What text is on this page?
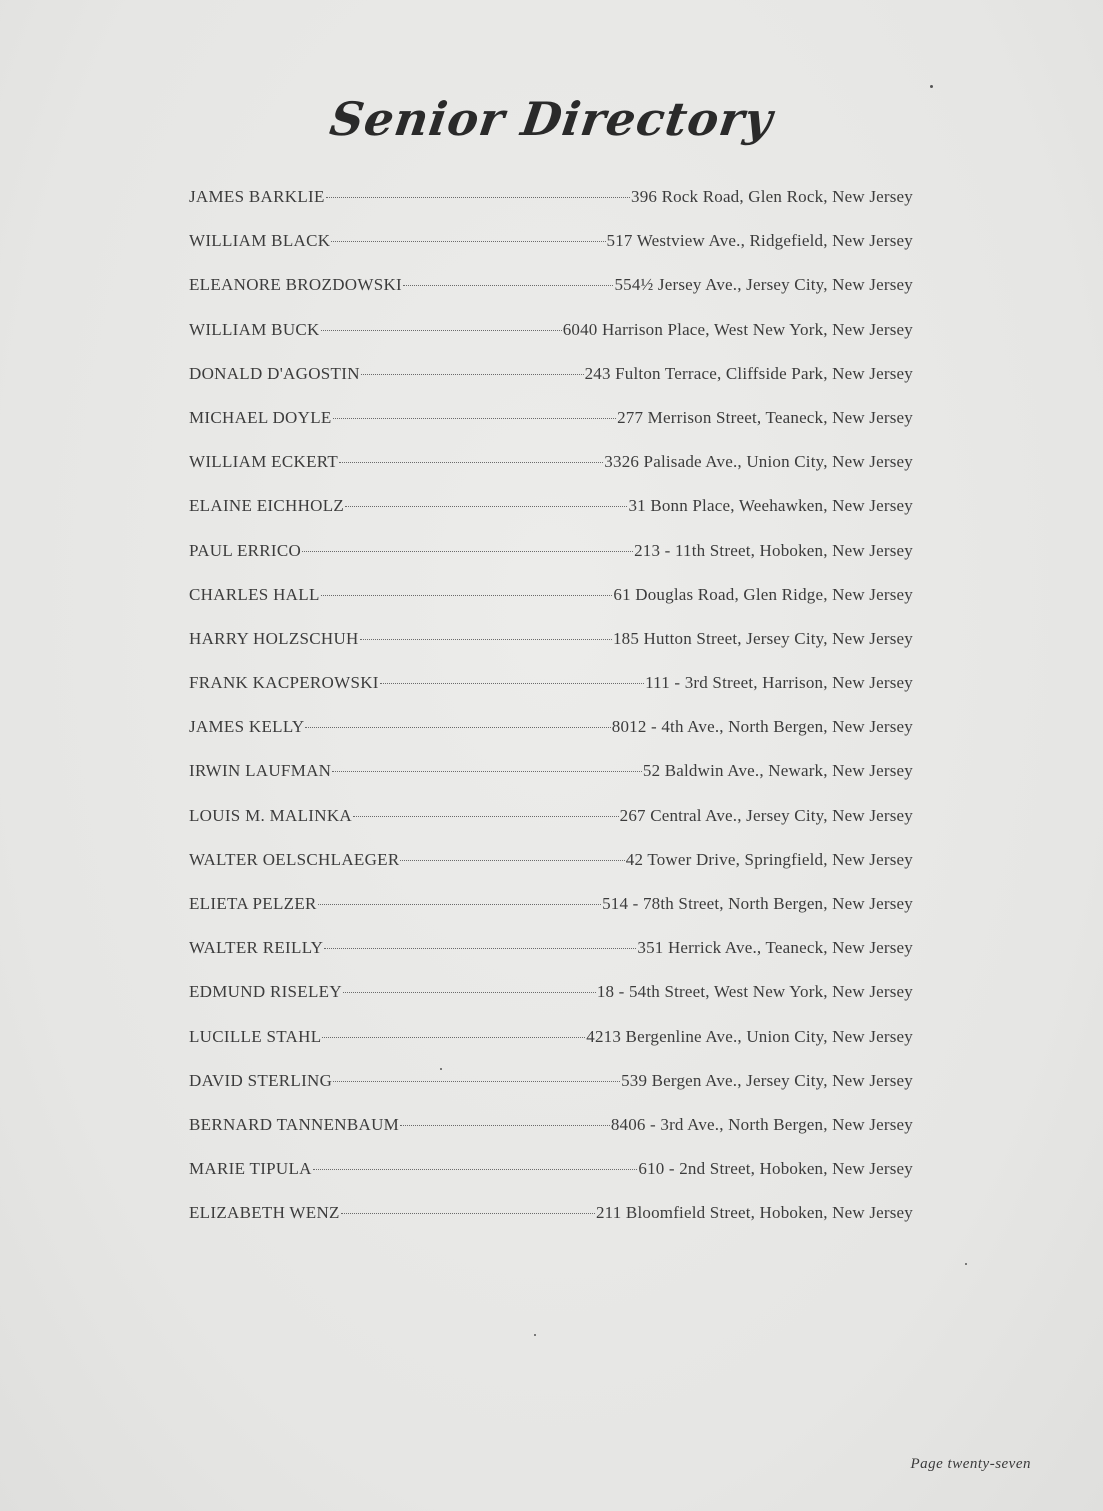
Senior Directory
JAMES BARKLIE	396 Rock Road, Glen Rock, New Jersey
WILLIAM BLACK	517 Westview Ave., Ridgefield, New Jersey
ELEANORE BROZDOWSKI	554½ Jersey Ave., Jersey City, New Jersey
WILLIAM BUCK	6040 Harrison Place, West New York, New Jersey
DONALD D'AGOSTIN	243 Fulton Terrace, Cliffside Park, New Jersey
MICHAEL DOYLE	277 Merrison Street, Teaneck, New Jersey
WILLIAM ECKERT	3326 Palisade Ave., Union City, New Jersey
ELAINE EICHHOLZ	31 Bonn Place, Weehawken, New Jersey
PAUL ERRICO	213 - 11th Street, Hoboken, New Jersey
CHARLES HALL	61 Douglas Road, Glen Ridge, New Jersey
HARRY HOLZSCHUH	185 Hutton Street, Jersey City, New Jersey
FRANK KACPEROWSKI	111 - 3rd Street, Harrison, New Jersey
JAMES KELLY	8012 - 4th Ave., North Bergen, New Jersey
IRWIN LAUFMAN	52 Baldwin Ave., Newark, New Jersey
LOUIS M. MALINKA	267 Central Ave., Jersey City, New Jersey
WALTER OELSCHLAEGER	42 Tower Drive, Springfield, New Jersey
ELIETA PELZER	514 - 78th Street, North Bergen, New Jersey
WALTER REILLY	351 Herrick Ave., Teaneck, New Jersey
EDMUND RISELEY	18 - 54th Street, West New York, New Jersey
LUCILLE STAHL	4213 Bergenline Ave., Union City, New Jersey
DAVID STERLING	539 Bergen Ave., Jersey City, New Jersey
BERNARD TANNENBAUM	8406 - 3rd Ave., North Bergen, New Jersey
MARIE TIPULA	610 - 2nd Street, Hoboken, New Jersey
ELIZABETH WENZ	211 Bloomfield Street, Hoboken, New Jersey
Page twenty-seven
